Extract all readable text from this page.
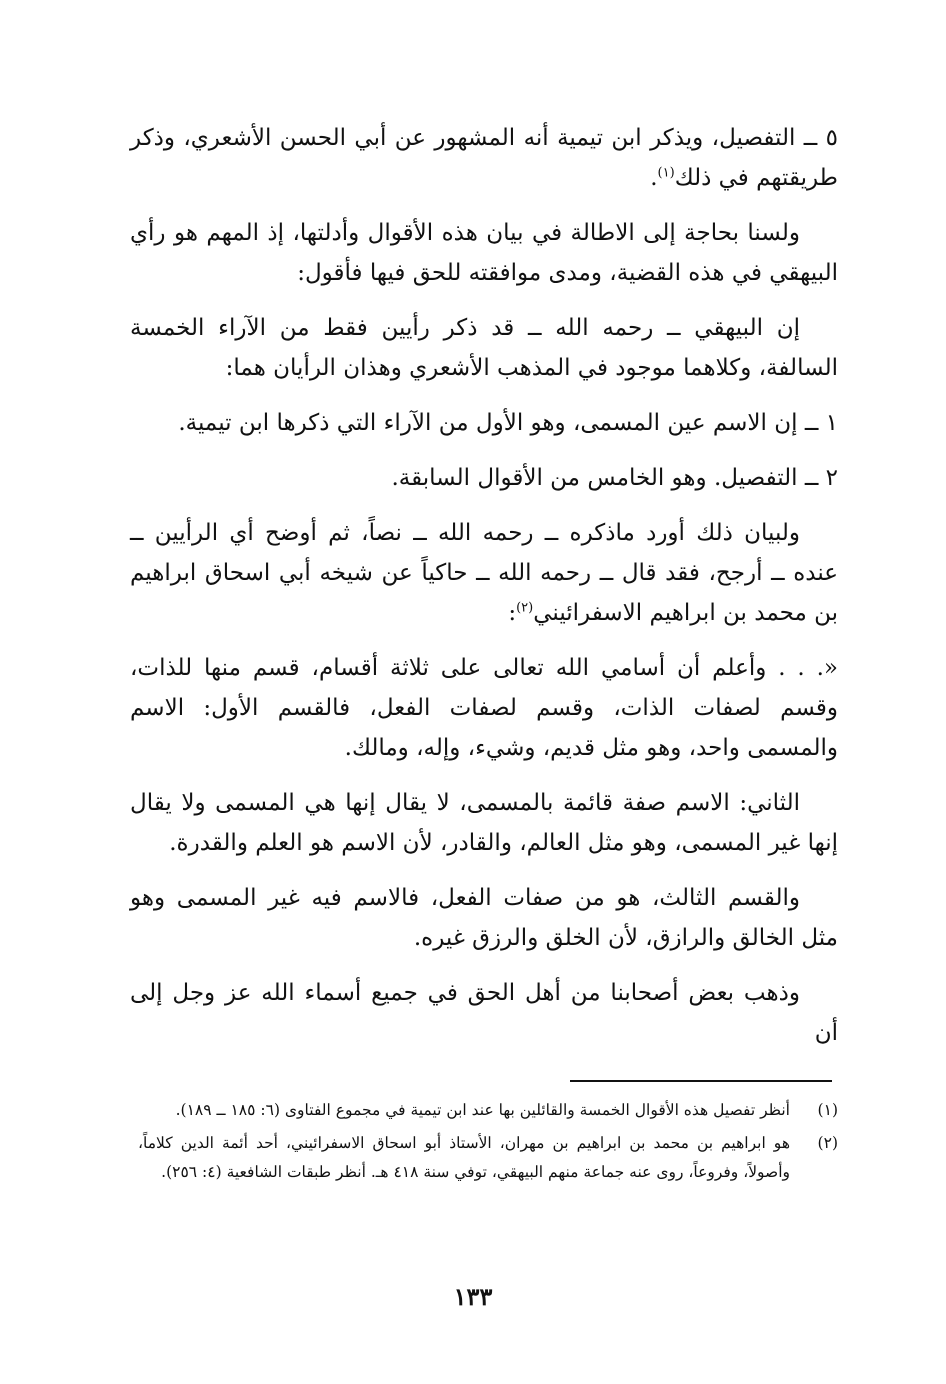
٥ ــ التفصيل، ويذكر ابن تيمية أنه المشهور عن أبي الحسن الأشعري، وذكر طريقتهم في ذلك$^{(١)}$.

ولسنا بحاجة إلى الاطالة في بيان هذه الأقوال وأدلتها، إذ المهم هو رأي البيهقي في هذه القضية، ومدى موافقته للحق فيها فأقول:

إن البيهقي ــ رحمه الله ــ قد ذكر رأيين فقط من الآراء الخمسة السالفة، وكلاهما موجود في المذهب الأشعري وهذان الرأيان هما:

١ ــ إن الاسم عين المسمى، وهو الأول من الآراء التي ذكرها ابن تيمية.

٢ ــ التفصيل. وهو الخامس من الأقوال السابقة.

ولبيان ذلك أورد ماذكره ــ رحمه الله ــ نصاً، ثم أوضح أي الرأيين ــ عنده ــ أرجح، فقد قال ــ رحمه الله ــ حاكياً عن شيخه أبي اسحاق ابراهيم بن محمد بن ابراهيم الاسفرائيني$^{(٢)}$:

«. . . وأعلم أن أسامي الله تعالى على ثلاثة أقسام، قسم منها للذات، وقسم لصفات الذات، وقسم لصفات الفعل، فالقسم الأول: الاسم والمسمى واحد، وهو مثل قديم، وشيء، وإله، ومالك.

الثاني: الاسم صفة قائمة بالمسمى، لا يقال إنها هي المسمى ولا يقال إنها غير المسمى، وهو مثل العالم، والقادر، لأن الاسم هو العلم والقدرة.

والقسم الثالث، هو من صفات الفعل، فالاسم فيه غير المسمى وهو مثل الخالق والرازق، لأن الخلق والرزق غيره.

وذهب بعض أصحابنا من أهل الحق في جميع أسماء الله عز وجل إلى أن

(١)
أنظر تفصيل هذه الأقوال الخمسة والقائلين بها عند ابن تيمية في مجموع الفتاوى (٦: ١٨٥ ــ ١٨٩).
(٢)
هو ابراهيم بن محمد بن ابراهيم بن مهران، الأستاذ أبو اسحاق الاسفرائيني، أحد أئمة الدين كلاماً، وأصولاً، وفروعاً، روى عنه جماعة منهم البيهقي، توفي سنة ٤١٨ هـ. أنظر طبقات الشافعية (٤: ٢٥٦).
١٣٣
